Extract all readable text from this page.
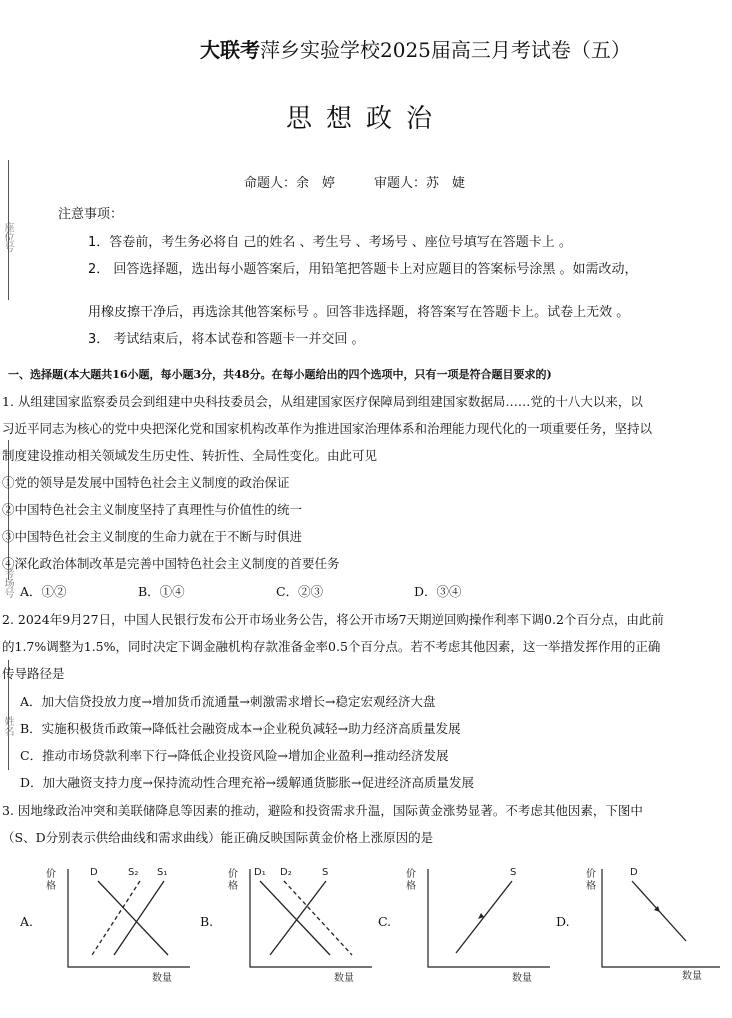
座位号
考场号
姓名
大联考萍乡实验学校2025届高三月考试卷（五）
思想政治
命题人：余　婷　　　审题人：苏　婕
注意事项：
1．答卷前，考生务必将自 己的姓名 、考生号 、考场号 、座位号填写在答题卡上 。
2． 回答选择题，选出每小题答案后，用铅笔把答题卡上对应题目的答案标号涂黑 。如需改动，
用橡皮擦干净后，再选涂其他答案标号 。回答非选择题，将答案写在答题卡上。试卷上无效 。
3． 考试结束后，将本试卷和答题卡一并交回 。
一、选择题(本大题共16小题，每小题3分，共48分。在每小题给出的四个选项中，只有一项是符合题目要求的)
1. 从组建国家监察委员会到组建中央科技委员会，从组建国家医疗保障局到组建国家数据局……党的十八大以来，以
习近平同志为核心的党中央把深化党和国家机构改革作为推进国家治理体系和治理能力现代化的一项重要任务，坚持以
制度建设推动相关领域发生历史性、转折性、全局性变化。由此可见
①党的领导是发展中国特色社会主义制度的政治保证
②中国特色社会主义制度坚持了真理性与价值性的统一
③中国特色社会主义制度的生命力就在于不断与时俱进
④深化政治体制改革是完善中国特色社会主义制度的首要任务
A．①②	B．①④	C．②③	D．③④
2. 2024年9月27日，中国人民银行发布公开市场业务公告，将公开市场7天期逆回购操作利率下调0.2个百分点，由此前
的1.7%调整为1.5%，同时决定下调金融机构存款准备金率0.5个百分点。若不考虑其他因素，这一举措发挥作用的正确
传导路径是
A．加大信贷投放力度→增加货币流通量→刺激需求增长→稳定宏观经济大盘
B．实施积极货币政策→降低社会融资成本→企业税负减轻→助力经济高质量发展
C．推动市场贷款利率下行→降低企业投资风险→增加企业盈利→推动经济发展
D．加大融资支持力度→保持流动性合理充裕→缓解通货膨胀→促进经济高质量发展
3. 因地缘政治冲突和美联储降息等因素的推动，避险和投资需求升温，国际黄金涨势显著。不考虑其他因素，下图中
（S、D分别表示供给曲线和需求曲线）能正确反映国际黄金价格上涨原因的是
A.
价
格
D	S₂ S₁
数量
B.
价
格
D₁ D₂	S
数量
C.
价
格
S
数量
D.
价
格
D
数量
